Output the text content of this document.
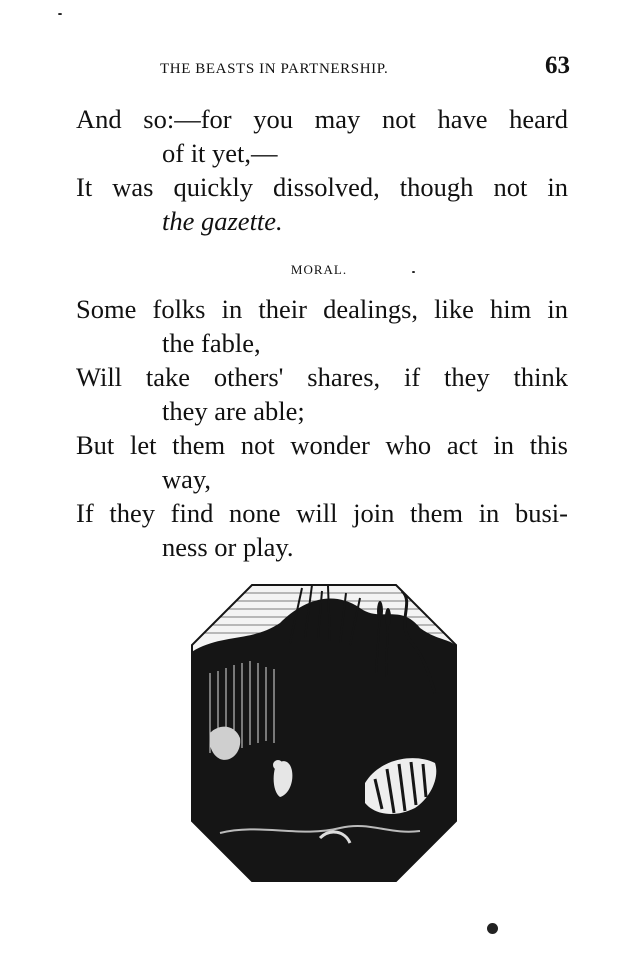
THE BEASTS IN PARTNERSHIP.	63
And so:—for you may not have heard
of it yet,—
It was quickly dissolved, though not in
the gazette.
MORAL.
Some folks in their dealings, like him in
the fable,
Will take others' shares, if they think
they are able;
But let them not wonder who act in this
way,
If they find none will join them in busi-
ness or play.
